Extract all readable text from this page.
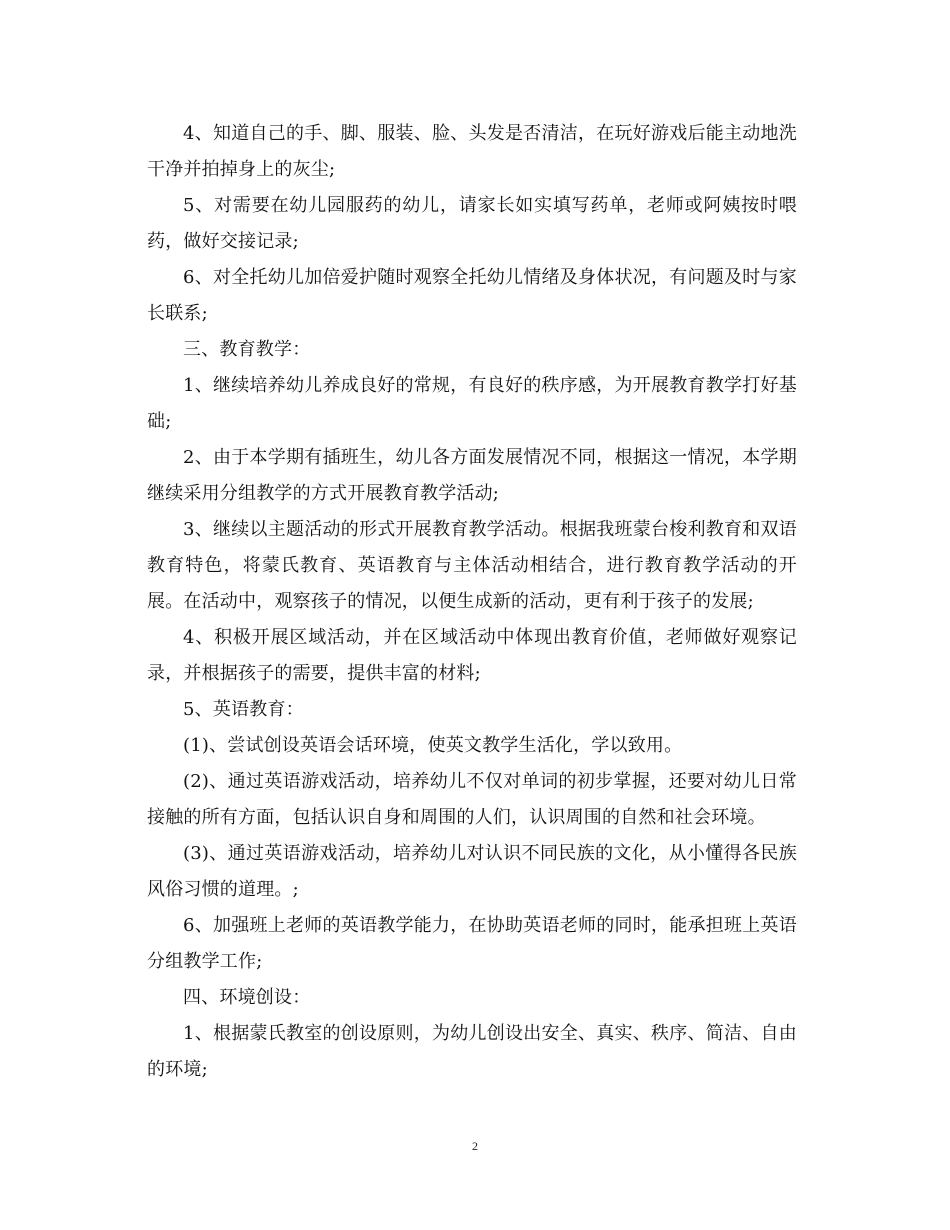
4、知道自己的手、脚、服装、脸、头发是否清洁，在玩好游戏后能主动地洗干净并拍掉身上的灰尘;

5、对需要在幼儿园服药的幼儿，请家长如实填写药单，老师或阿姨按时喂药，做好交接记录;

6、对全托幼儿加倍爱护随时观察全托幼儿情绪及身体状况，有问题及时与家长联系;

三、教育教学：

1、继续培养幼儿养成良好的常规，有良好的秩序感，为开展教育教学打好基础;

2、由于本学期有插班生，幼儿各方面发展情况不同，根据这一情况，本学期继续采用分组教学的方式开展教育教学活动;

3、继续以主题活动的形式开展教育教学活动。根据我班蒙台梭利教育和双语教育特色，将蒙氏教育、英语教育与主体活动相结合，进行教育教学活动的开展。在活动中，观察孩子的情况，以便生成新的活动，更有利于孩子的发展;

4、积极开展区域活动，并在区域活动中体现出教育价值，老师做好观察记录，并根据孩子的需要，提供丰富的材料;

5、英语教育：

(1)、尝试创设英语会话环境，使英文教学生活化，学以致用。

(2)、通过英语游戏活动，培养幼儿不仅对单词的初步掌握，还要对幼儿日常接触的所有方面，包括认识自身和周围的人们，认识周围的自然和社会环境。

(3)、通过英语游戏活动，培养幼儿对认识不同民族的文化，从小懂得各民族风俗习惯的道理。;

6、加强班上老师的英语教学能力，在协助英语老师的同时，能承担班上英语分组教学工作;

四、环境创设：

1、根据蒙氏教室的创设原则，为幼儿创设出安全、真实、秩序、简洁、自由的环境;

2
